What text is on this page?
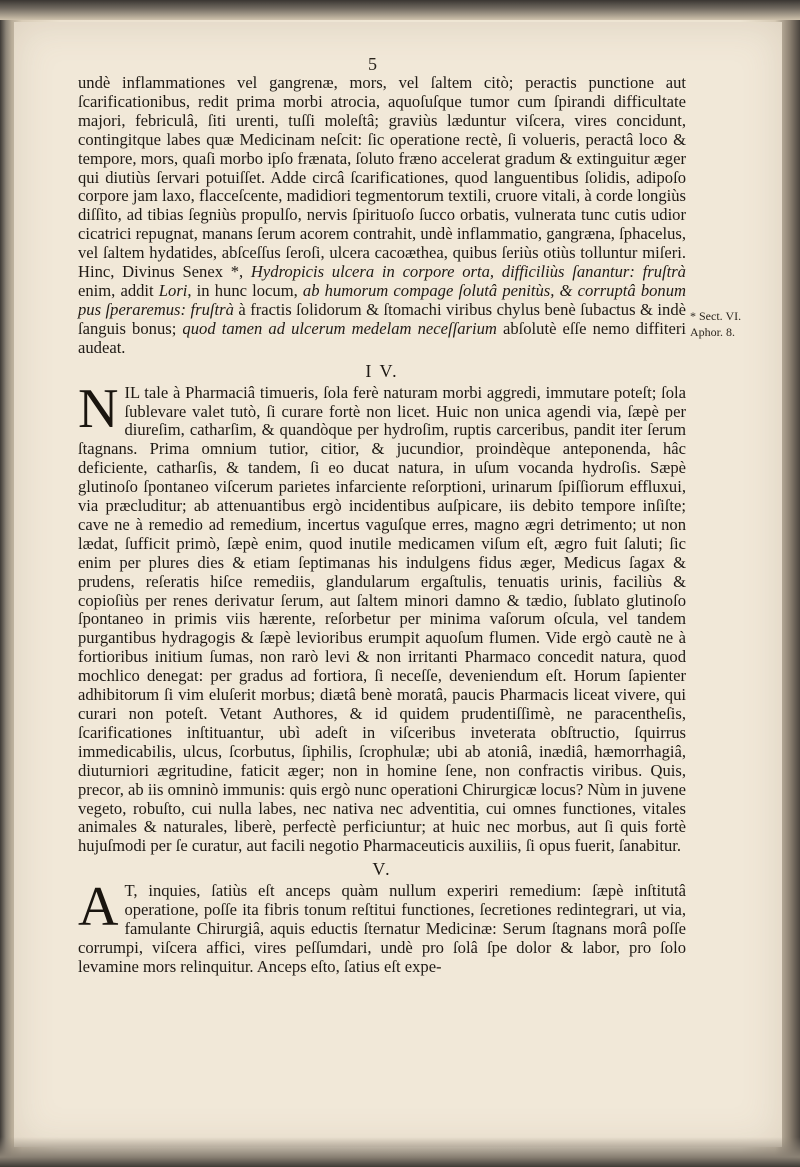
5
* Sect. VI.
Aphor. 8.

undè inflammationes vel gangrenæ, mors, vel ſaltem citò; peractis punctione aut ſcarificationibus, redit prima morbi atrocia, aquoſuſque tumor cum ſpirandi difficultate majori, febriculâ, ſiti urenti, tuſſi moleſtâ; graviùs læduntur viſcera, vires concidunt, contingitque labes quæ Medicinam neſcit: ſic operatione rectè, ſi volueris, peractâ loco & tempore, mors, quaſi morbo ipſo frænata, ſoluto fræno accelerat gradum & extinguitur æger qui diutiùs ſervari potuiſſet. Adde circâ ſcarificationes, quod languentibus ſolidis, adipoſo corpore jam laxo, flacceſcente, madidiori tegmentorum textili, cruore vitali, à corde longiùs diſſito, ad tibias ſegniùs propulſo, nervis ſpirituoſo ſucco orbatis, vulnerata tunc cutis udior cicatrici repugnat, manans ſerum acorem contrahit, undè inflammatio, gangræna, ſphacelus, vel ſaltem hydatides, abſceſſus ſeroſi, ulcera cacoæthea, quibus ſeriùs otiùs tolluntur miſeri. Hinc, Divinus Senex *, Hydropicis ulcera in corpore orta, difficiliùs ſanantur: fruſtrà enim, addit Lori, in hunc locum, ab humorum compage ſolutâ penitùs, & corruptâ bonum pus ſperaremus: fruſtrà à fractis ſolidorum & ſtomachi viribus chylus benè ſubactus & indè ſanguis bonus; quod tamen ad ulcerum medelam neceſſarium abſolutè eſſe nemo diffiteri audeat.

I V.

NIL tale à Pharmaciâ timueris, ſola ferè naturam morbi aggredi, immutare poteſt; ſola ſublevare valet tutò, ſi curare fortè non licet. Huic non unica agendi via, ſæpè per diureſim, catharſim, & quandòque per hydroſim, ruptis carceribus, pandit iter ſerum ſtagnans. Prima omnium tutior, citior, & jucundior, proindèque anteponenda, hâc deficiente, catharſis, & tandem, ſi eo ducat natura, in uſum vocanda hydroſis. Sæpè glutinoſo ſpontaneo viſcerum parietes infarciente reſorptioni, urinarum ſpiſſiorum effluxui, via præcluditur; ab attenuantibus ergò incidentibus auſpicare, iis debito tempore inſiſte; cave ne à remedio ad remedium, incertus vaguſque erres, magno ægri detrimento; ut non lædat, ſufficit primò, ſæpè enim, quod inutile medicamen viſum eſt, ægro fuit ſaluti; ſic enim per plures dies & etiam ſeptimanas his indulgens fidus æger, Medicus ſagax & prudens, reſeratis hiſce remediis, glandularum ergaſtulis, tenuatis urinis, faciliùs & copioſiùs per renes derivatur ſerum, aut ſaltem minori damno & tædio, ſublato glutinoſo ſpontaneo in primis viis hærente, reſorbetur per minima vaſorum oſcula, vel tandem purgantibus hydragogis & ſæpè levioribus erumpit aquoſum flumen. Vide ergò cautè ne à fortioribus initium ſumas, non rarò levi & non irritanti Pharmaco concedit natura, quod mochlico denegat: per gradus ad fortiora, ſi neceſſe, deveniendum eſt. Horum ſapienter adhibitorum ſi vim eluſerit morbus; diætâ benè moratâ, paucis Pharmacis liceat vivere, qui curari non poteſt. Vetant Authores, & id quidem prudentiſſimè, ne paracentheſis, ſcarificationes inſtituantur, ubì adeſt in viſceribus inveterata obſtructio, ſquirrus immedicabilis, ulcus, ſcorbutus, ſiphilis, ſcrophulæ; ubi ab atoniâ, inædiâ, hæmorrhagiâ, diuturniori ægritudine, faticit æger; non in homine ſene, non confractis viribus. Quis, precor, ab iis omninò immunis: quis ergò nunc operationi Chirurgicæ locus? Nùm in juvene vegeto, robuſto, cui nulla labes, nec nativa nec adventitia, cui omnes functiones, vitales animales & naturales, liberè, perfectè perficiuntur; at huic nec morbus, aut ſi quis fortè hujuſmodi per ſe curatur, aut facili negotio Pharmaceuticis auxiliis, ſi opus fuerit, ſanabitur.

V.

A T, inquies, ſatiùs eſt anceps quàm nullum experiri remedium: ſæpè inſtitutâ operatione, poſſe ita fibris tonum reſtitui functiones, ſecretiones redintegrari, ut via, famulante Chirurgiâ, aquis eductis ſternatur Medicinæ: Serum ſtagnans morâ poſſe corrumpi, viſcera affici, vires peſſumdari, undè pro ſolâ ſpe dolor & labor, pro ſolo levamine mors relinquitur. Anceps eſto, ſatius eſt expe-
